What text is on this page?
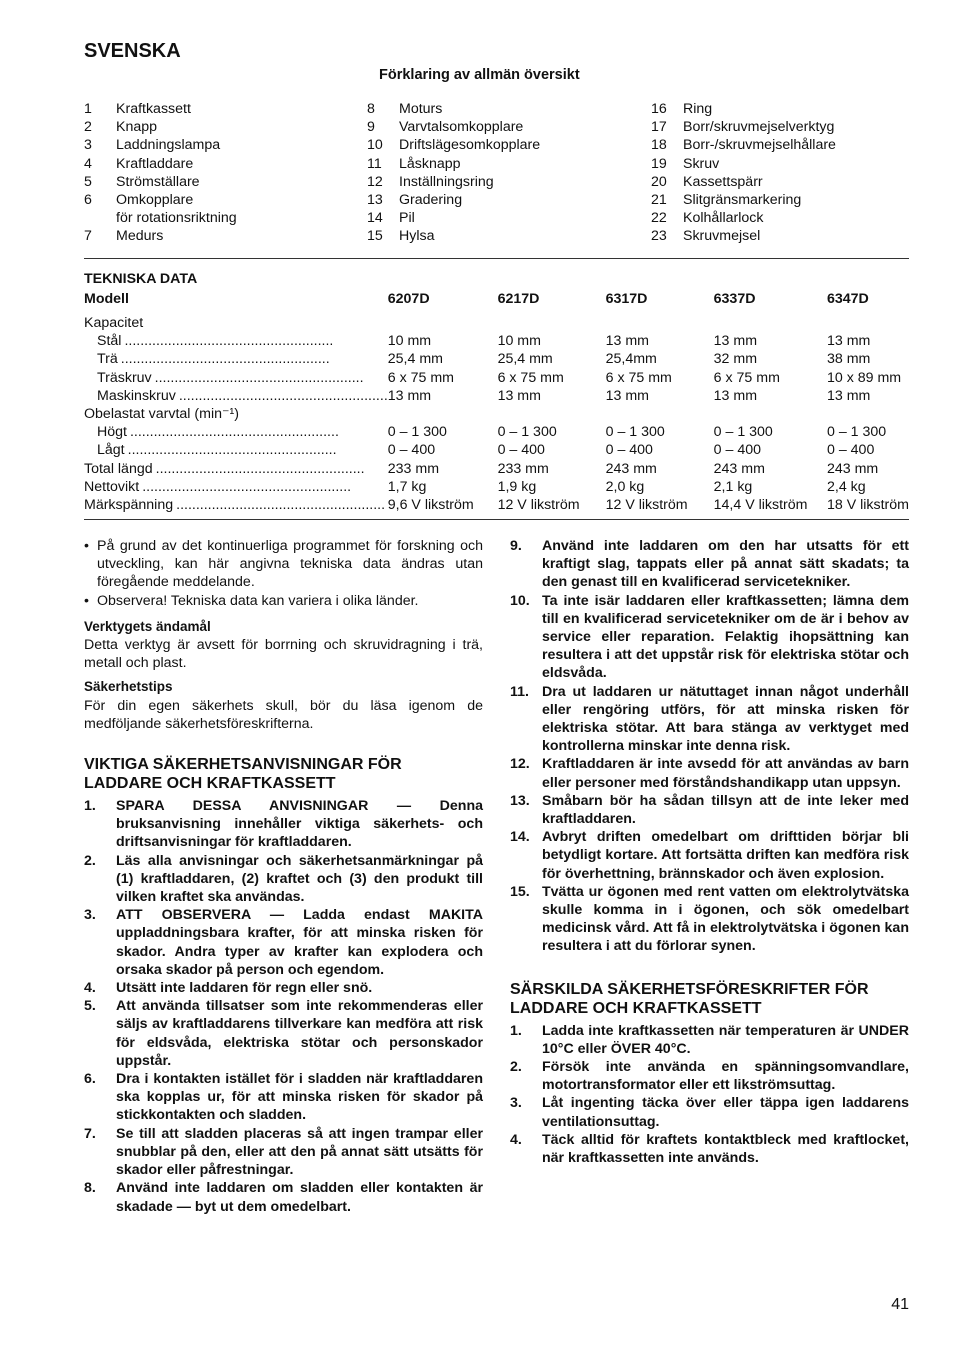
SVENSKA
Förklaring av allmän översikt
1	Kraftkassett
2	Knapp
3	Laddningslampa
4	Kraftladdare
5	Strömställare
6	Omkopplare
för rotationsriktning
7	Medurs
8	Moturs
9	Varvtalsomkopplare
10	Driftslägesomkopplare
11	Låsknapp
12	Inställningsring
13	Gradering
14	Pil
15	Hylsa
16	Ring
17	Borr/skruvmejselverktyg
18	Borr-/skruvmejselhållare
19	Skruv
20	Kassettspärr
21	Slitgränsmarkering
22	Kolhållarlock
23	Skruvmejsel
TEKNISKA DATA
Modell	6207D	6217D	6317D	6337D	6347D

Kapacitet					

Stål .....................................................	10 mm	10 mm	13 mm	13 mm	13 mm

Trä .....................................................	25,4 mm	25,4 mm	25,4mm	32 mm	38 mm

Träskruv .....................................................	6 x 75 mm	6 x 75 mm	6 x 75 mm	6 x 75 mm	10 x 89 mm

Maskinskruv .....................................................	13 mm	13 mm	13 mm	13 mm	13 mm

Obelastat varvtal (min⁻¹)					

Högt .....................................................	0 – 1 300	0 – 1 300	0 – 1 300	0 – 1 300	0 – 1 300

Lågt .....................................................	0 – 400	0 – 400	0 – 400	0 – 400	0 – 400

Total längd .....................................................	233 mm	233 mm	243 mm	243 mm	243 mm

Nettovikt .....................................................	1,7 kg	1,9 kg	2,0 kg	2,1 kg	2,4 kg

Märkspänning .....................................................	9,6 V likström	12 V likström	12 V likström	14,4 V likström	18 V likström
• På grund av det kontinuerliga programmet för forskning och utveckling, kan här angivna tekniska data ändras utan föregående meddelande.
• Observera! Tekniska data kan variera i olika länder.
Verktygets ändamål
Detta verktyg är avsett för borrning och skruvidragning i trä, metall och plast.
Säkerhetstips
För din egen säkerhets skull, bör du läsa igenom de medföljande säkerhetsföreskrifterna.
VIKTIGA SÄKERHETSANVISNINGAR FÖR LADDARE OCH KRAFTKASSETT
1.	SPARA DESSA ANVISNINGAR — Denna bruksanvisning innehåller viktiga säkerhets- och driftsanvisningar för kraftladdaren.
2.	Läs alla anvisningar och säkerhetsanmärkningar på (1) kraftladdaren, (2) kraftet och (3) den produkt till vilken kraftet ska användas.
3.	ATT OBSERVERA — Ladda endast MAKITA uppladdningsbara krafter, för att minska risken för skador. Andra typer av krafter kan explodera och orsaka skador på person och egendom.
4.	Utsätt inte laddaren för regn eller snö.
5.	Att använda tillsatser som inte rekommenderas eller säljs av kraftladdarens tillverkare kan medföra att risk för eldsvåda, elektriska stötar och personskador uppstår.
6.	Dra i kontakten istället för i sladden när kraftladdaren ska kopplas ur, för att minska risken för skador på stickkontakten och sladden.
7.	Se till att sladden placeras så att ingen trampar eller snubblar på den, eller att den på annat sätt utsätts för skador eller påfrestningar.
8.	Använd inte laddaren om sladden eller kontakten är skadade — byt ut dem omedelbart.
9.	Använd inte laddaren om den har utsatts för ett kraftigt slag, tappats eller på annat sätt skadats; ta den genast till en kvalificerad servicetekniker.
10. Ta inte isär laddaren eller kraftkassetten; lämna dem till en kvalificerad servicetekniker om de är i behov av service eller reparation. Felaktig ihopsättning kan resultera i att det uppstår risk för elektriska stötar och eldsvåda.
11. Dra ut laddaren ur nätuttaget innan något underhåll eller rengöring utförs, för att minska risken för elektriska stötar. Att bara stänga av verktyget med kontrollerna minskar inte denna risk.
12. Kraftladdaren är inte avsedd för att användas av barn eller personer med förståndshandikapp utan uppsyn.
13. Småbarn bör ha sådan tillsyn att de inte leker med kraftladdaren.
14. Avbryt driften omedelbart om drifttiden börjar bli betydligt kortare. Att fortsätta driften kan medföra risk för överhettning, brännskador och även explosion.
15. Tvätta ur ögonen med rent vatten om elektrolytvätska skulle komma in i ögonen, och sök omedelbart medicinsk vård. Att få in elektrolytvätska i ögonen kan resultera i att du förlorar synen.
SÄRSKILDA SÄKERHETSFÖRESKRIFTER FÖR LADDARE OCH KRAFTKASSETT
1.	Ladda inte kraftkassetten när temperaturen är UNDER 10°C eller ÖVER 40°C.
2.	Försök inte använda en spänningsomvandlare, motortransformator eller ett likströmsuttag.
3.	Låt ingenting täcka över eller täppa igen laddarens ventilationsuttag.
4.	Täck alltid för kraftets kontaktbleck med kraftlocket, när kraftkassetten inte används.
41
